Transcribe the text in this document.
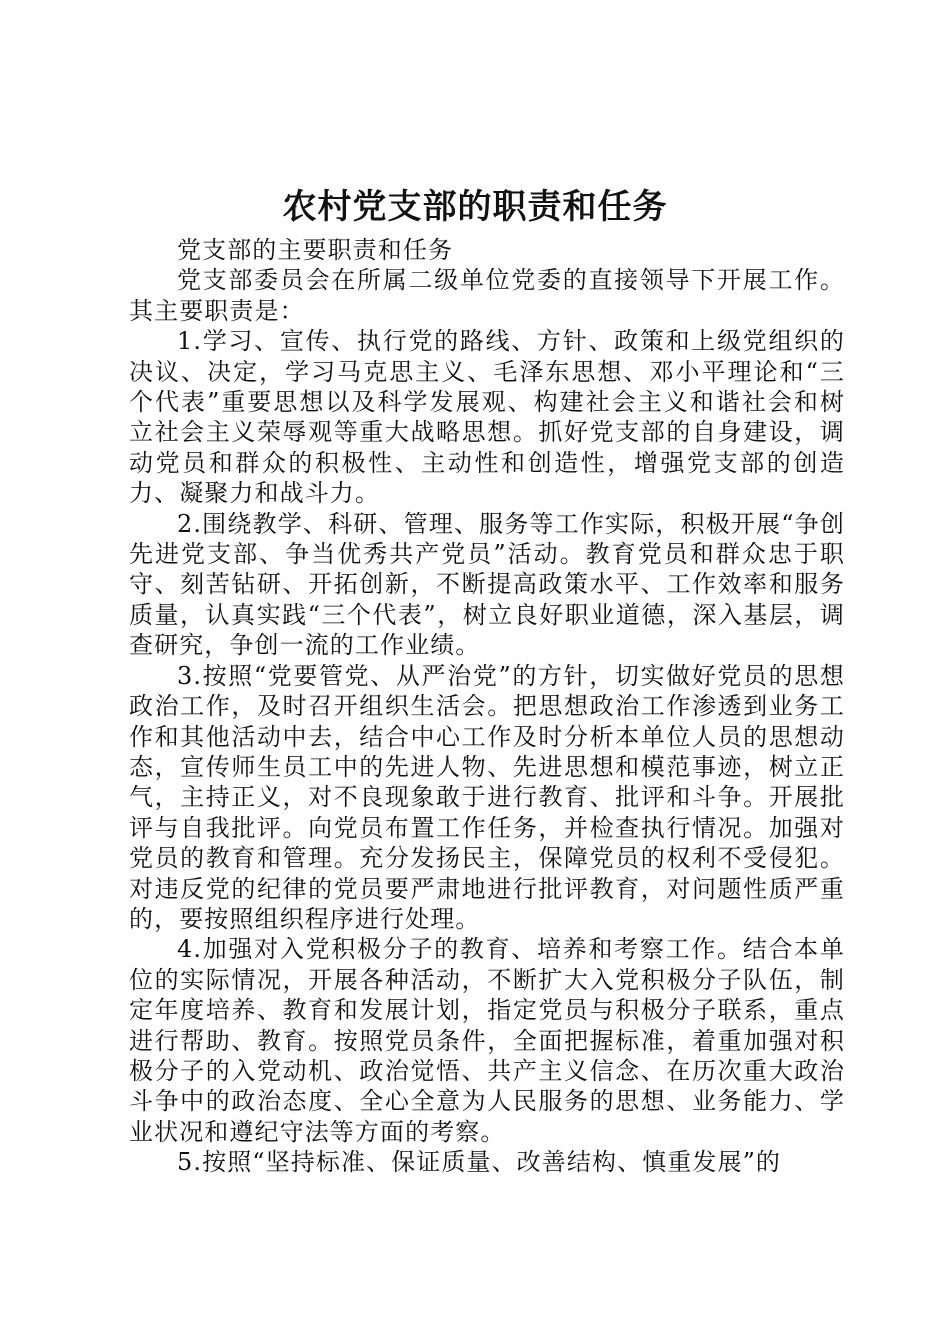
农村党支部的职责和任务

党支部的主要职责和任务

党支部委员会在所属二级单位党委的直接领导下开展工作。其主要职责是：

1.学习、宣传、执行党的路线、方针、政策和上级党组织的决议、决定，学习马克思主义、毛泽东思想、邓小平理论和“三个代表”重要思想以及科学发展观、构建社会主义和谐社会和树立社会主义荣辱观等重大战略思想。抓好党支部的自身建设，调动党员和群众的积极性、主动性和创造性，增强党支部的创造力、凝聚力和战斗力。

2.围绕教学、科研、管理、服务等工作实际，积极开展“争创先进党支部、争当优秀共产党员”活动。教育党员和群众忠于职守、刻苦钻研、开拓创新，不断提高政策水平、工作效率和服务质量，认真实践“三个代表”，树立良好职业道德，深入基层，调查研究，争创一流的工作业绩。

3.按照“党要管党、从严治党”的方针，切实做好党员的思想政治工作，及时召开组织生活会。把思想政治工作渗透到业务工作和其他活动中去，结合中心工作及时分析本单位人员的思想动态，宣传师生员工中的先进人物、先进思想和模范事迹，树立正气，主持正义，对不良现象敢于进行教育、批评和斗争。开展批评与自我批评。向党员布置工作任务，并检查执行情况。加强对党员的教育和管理。充分发扬民主，保障党员的权利不受侵犯。对违反党的纪律的党员要严肃地进行批评教育，对问题性质严重的，要按照组织程序进行处理。

4.加强对入党积极分子的教育、培养和考察工作。结合本单位的实际情况，开展各种活动，不断扩大入党积极分子队伍，制定年度培养、教育和发展计划，指定党员与积极分子联系，重点进行帮助、教育。按照党员条件，全面把握标准，着重加强对积极分子的入党动机、政治觉悟、共产主义信念、在历次重大政治斗争中的政治态度、全心全意为人民服务的思想、业务能力、学业状况和遵纪守法等方面的考察。

5.按照“坚持标准、保证质量、改善结构、慎重发展”的
